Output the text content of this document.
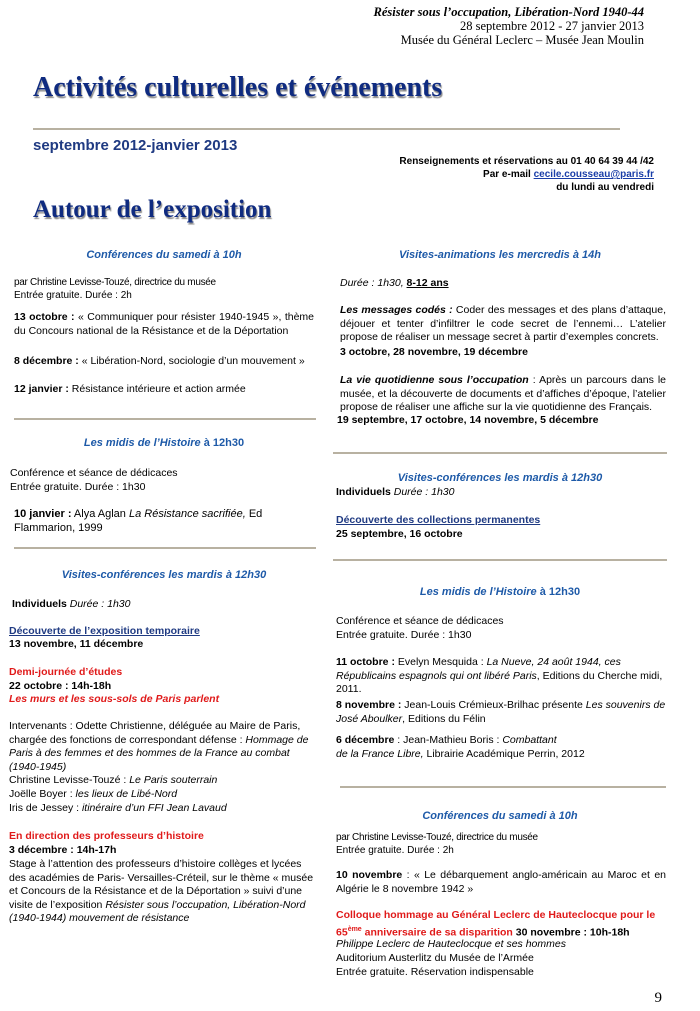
Résister sous l’occupation, Libération-Nord 1940-44
28 septembre 2012 - 27 janvier 2013
Musée du Général Leclerc – Musée Jean Moulin
Activités culturelles et événements
septembre 2012-janvier 2013
Renseignements et réservations au 01 40 64 39 44 /42
Par e-mail cecile.cousseau@paris.fr
du lundi au vendredi
Autour de l’exposition
Conférences du samedi à 10h
par Christine Levisse-Touzé, directrice du musée
Entrée gratuite. Durée : 2h
13 octobre : « Communiquer pour résister 1940-1945 », thème du Concours national de la Résistance et de la Déportation
8 décembre : « Libération-Nord, sociologie d’un mouvement »
12 janvier : Résistance intérieure et action armée
Les midis de l’Histoire à 12h30
Conférence et séance de dédicaces
Entrée gratuite. Durée : 1h30
10 janvier : Alya Aglan La Résistance sacrifiée, Ed Flammarion, 1999
Visites-conférences les mardis à 12h30
Individuels Durée : 1h30
Découverte de l’exposition temporaire
13 novembre, 11 décembre
Demi-journée d’études
22 octobre : 14h-18h
Les murs et les sous-sols de Paris parlent
Intervenants : Odette Christienne, déléguée au Maire de Paris, chargée des fonctions de correspondant défense : Hommage de Paris à des femmes et des hommes de la France au combat (1940-1945)
Christine Levisse-Touzé : Le Paris souterrain
Joëlle Boyer : les lieux de Libé-Nord
Iris de Jessey : itinéraire d’un FFI Jean Lavaud
En direction des professeurs d’histoire
3 décembre : 14h-17h
Stage à l’attention des professeurs d’histoire collèges et lycées des académies de Paris- Versailles-Créteil, sur le thème « musée et Concours de la Résistance et de la Déportation » suivi d’une visite de l’exposition Résister sous l’occupation, Libération-Nord (1940-1944) mouvement de résistance
Visites-animations les mercredis à 14h
Durée : 1h30, 8-12 ans
Les messages codés : Coder des messages et des plans d’attaque, déjouer et tenter d’infiltrer le code secret de l’ennemi… L’atelier propose de réaliser un message secret à partir d’exemples concrets.
3 octobre, 28 novembre, 19 décembre
La vie quotidienne sous l’occupation : Après un parcours dans le musée, et la découverte de documents et d’affiches d’époque, l’atelier propose de réaliser une affiche sur la vie quotidienne des Français.
19 septembre, 17 octobre, 14 novembre, 5 décembre
Visites-conférences les mardis à 12h30
Individuels Durée : 1h30
Découverte des collections permanentes
25 septembre, 16 octobre
Les midis de l’Histoire à 12h30
Conférence et séance de dédicaces
Entrée gratuite. Durée : 1h30
11 octobre : Evelyn Mesquida : La Nueve, 24 août 1944, ces Républicains espagnols qui ont libéré Paris, Editions du Cherche midi, 2011.
8 novembre : Jean-Louis Crémieux-Brilhac présente Les souvenirs de José Aboulker, Editions du Félin
6 décembre : Jean-Mathieu Boris : Combattant
de la France Libre, Librairie Académique Perrin, 2012
Conférences du samedi à 10h
par Christine Levisse-Touzé, directrice du musée
Entrée gratuite. Durée : 2h
10 novembre : « Le débarquement anglo-américain au Maroc et en Algérie le 8 novembre 1942 »
Colloque hommage au Général Leclerc de Hauteclocque pour le 65ème anniversaire de sa disparition 30 novembre : 10h-18h
Philippe Leclerc de Hauteclocque et ses hommes
Auditorium Austerlitz du Musée de l’Armée
Entrée gratuite. Réservation indispensable
9
